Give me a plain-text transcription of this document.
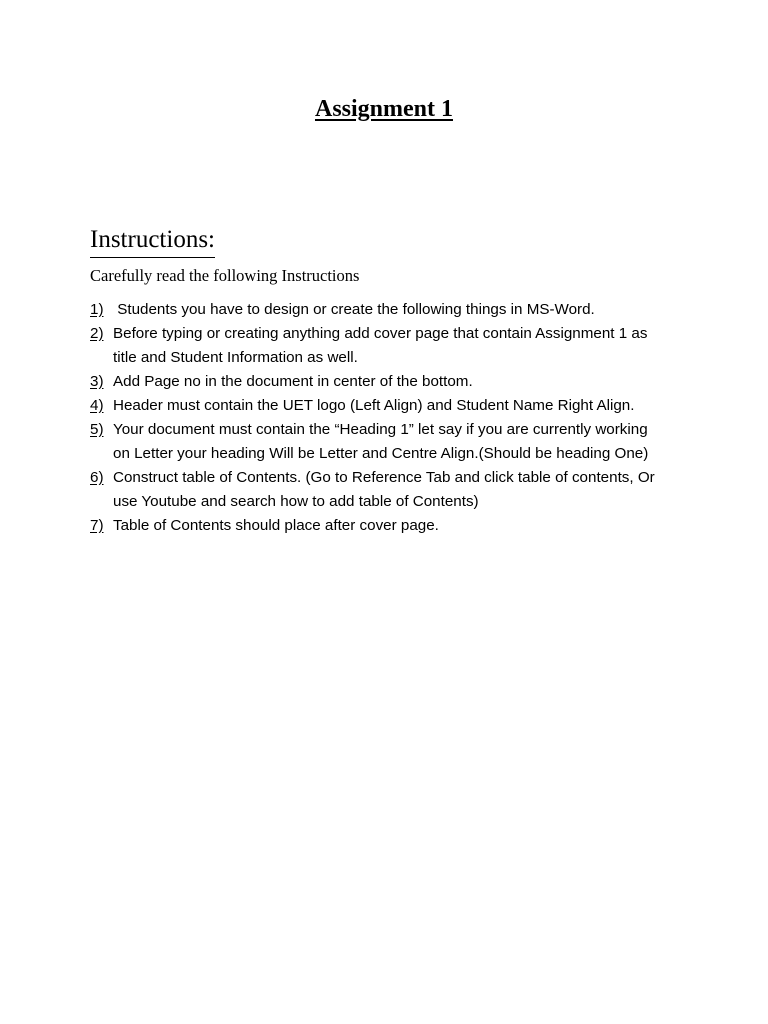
Assignment 1
Instructions:

Carefully read the following Instructions

1) Students you have to design or create the following things in MS-Word.
2) Before typing or creating anything add cover page that contain Assignment 1 as title and Student Information as well.
3) Add Page no in the document in center of the bottom.
4) Header must contain the UET logo (Left Align) and Student Name Right Align.
5) Your document must contain the “Heading 1” let say if you are currently working on Letter your heading Will be Letter and Centre Align.(Should be heading One)
6) Construct table of Contents. (Go to Reference Tab and click table of contents, Or use Youtube and search how to add table of Contents)
7) Table of Contents should place after cover page.
